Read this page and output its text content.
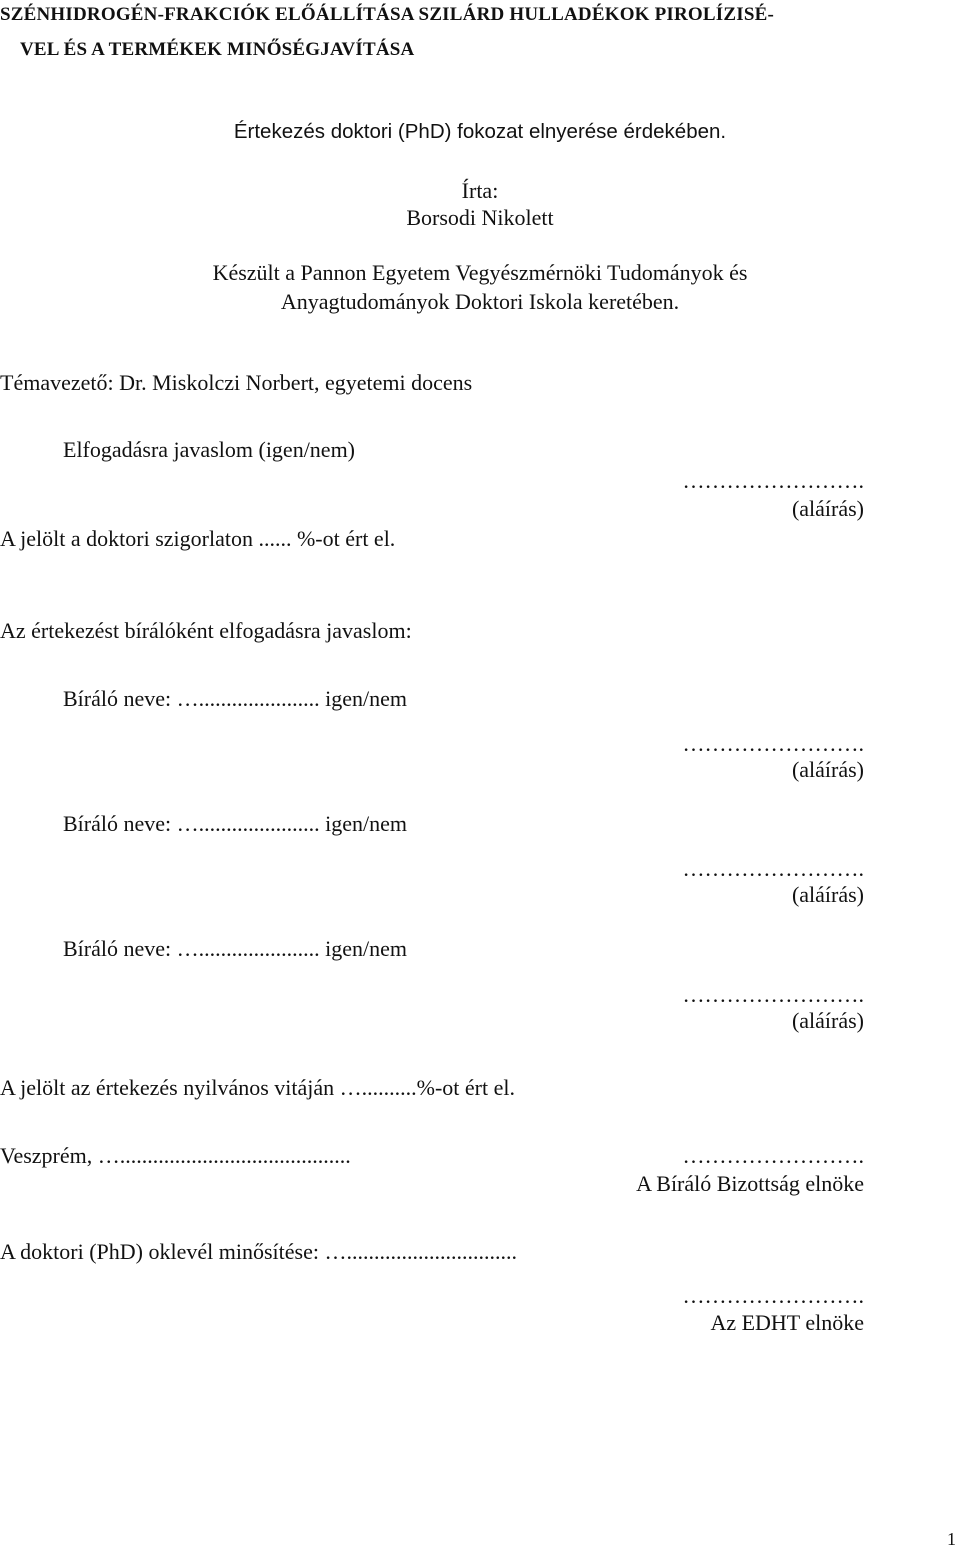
SZÉNHIDROGÉN-FRAKCIÓK ELŐÁLLÍTÁSA SZILÁRD HULLADÉKOK PIROLÍZISÉ-
VEL ÉS A TERMÉKEK MINŐSÉGJAVÍTÁSA
Értekezés doktori (PhD) fokozat elnyerése érdekében.
Írta:
Borsodi Nikolett
Készült a Pannon Egyetem Vegyészmérnöki Tudományok és
Anyagtudományok Doktori Iskola keretében.
Témavezető: Dr. Miskolczi Norbert, egyetemi docens
Elfogadásra javaslom (igen/nem)
…………………….
(aláírás)
A jelölt a doktori szigorlaton ...... %-ot ért el.
Az értekezést bírálóként elfogadásra javaslom:
Bíráló neve: …...................... igen/nem
…………………….
(aláírás)
Bíráló neve: …...................... igen/nem
…………………….
(aláírás)
Bíráló neve: …...................... igen/nem
…………………….
(aláírás)
A jelölt az értekezés nyilvános vitáján …..........%-ot ért el.
Veszprém, …..........................................	…………………….
A Bíráló Bizottság elnöke
A doktori (PhD) oklevél minősítése: …...............................
…………………….
Az EDHT elnöke
1
